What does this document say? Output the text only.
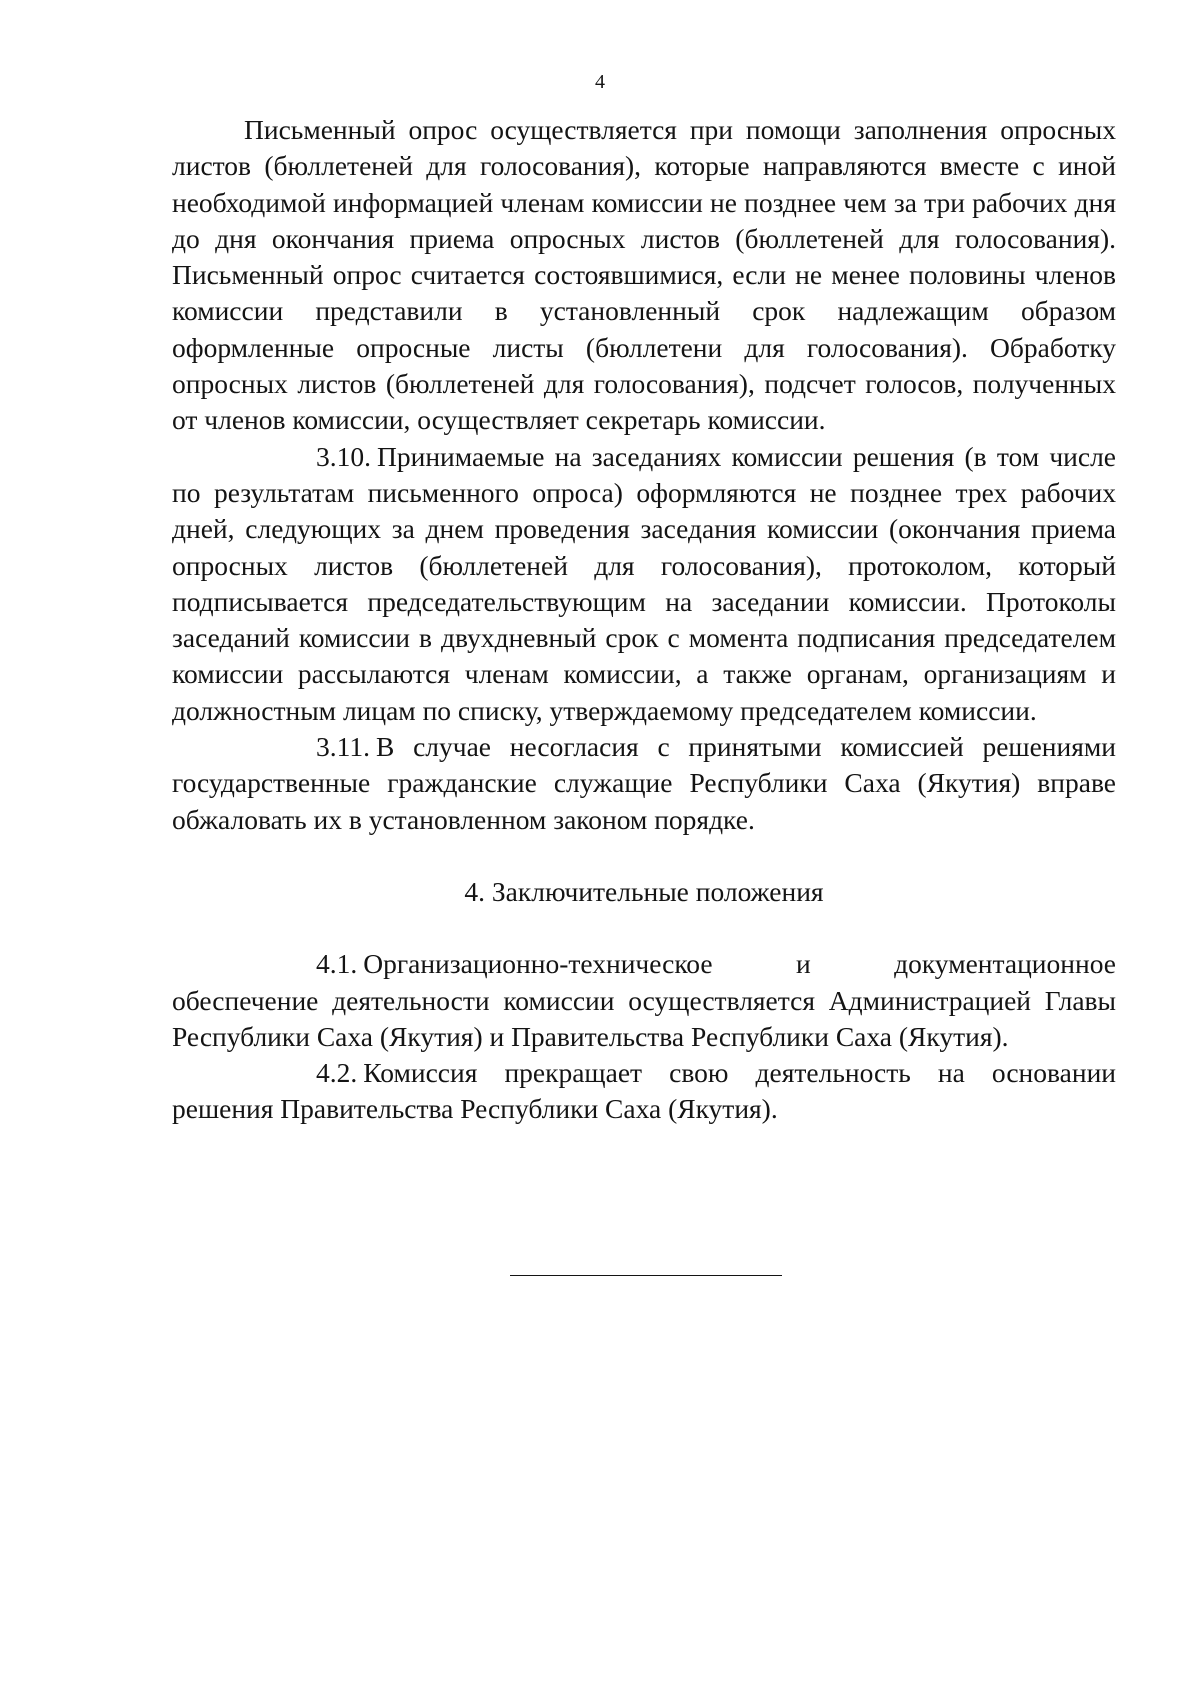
4

Письменный опрос осуществляется при помощи заполнения опросных листов (бюллетеней для голосования), которые направляются вместе с иной необходимой информацией членам комиссии не позднее чем за три рабочих дня до дня окончания приема опросных листов (бюллетеней для голосования). Письменный опрос считается состоявшимися, если не менее половины членов комиссии представили в установленный срок надлежащим образом оформленные опросные листы (бюллетени для голосования). Обработку опросных листов (бюллетеней для голосования), подсчет голосов, полученных от членов комиссии, осуществляет секретарь комиссии.

3.10. Принимаемые на заседаниях комиссии решения (в том числе по результатам письменного опроса) оформляются не позднее трех рабочих дней, следующих за днем проведения заседания комиссии (окончания приема опросных листов (бюллетеней для голосования), протоколом, который подписывается председательствующим на заседании комиссии. Протоколы заседаний комиссии в двухдневный срок с момента подписания председателем комиссии рассылаются членам комиссии, а также органам, организациям и должностным лицам по списку, утверждаемому председателем комиссии.

3.11. В случае несогласия с принятыми комиссией решениями государственные гражданские служащие Республики Саха (Якутия) вправе обжаловать их в установленном законом порядке.

4. Заключительные положения

4.1. Организационно-техническое и документационное обеспечение деятельности комиссии осуществляется Администрацией Главы Республики Саха (Якутия) и Правительства Республики Саха (Якутия).

4.2. Комиссия прекращает свою деятельность на основании решения Правительства Республики Саха (Якутия).
